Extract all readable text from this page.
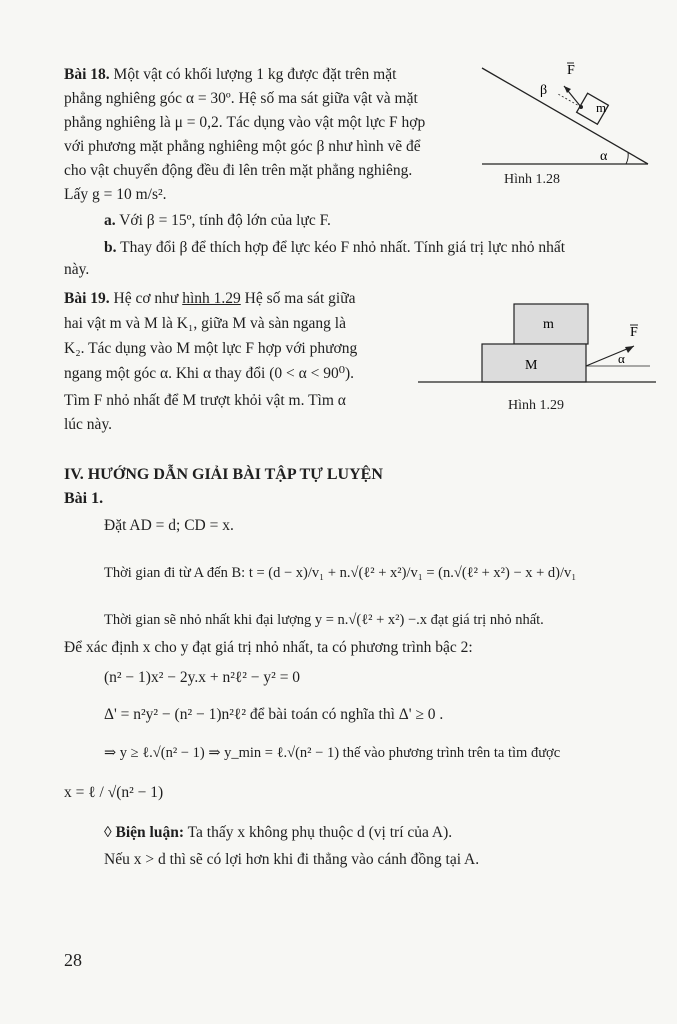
Bài 18. Một vật có khối lượng 1 kg được đặt trên mặt
phẳng nghiêng góc α = 30º. Hệ số ma sát giữa vật và mặt
phẳng nghiêng là μ = 0,2. Tác dụng vào vật một lực F hợp
với phương mặt phẳng nghiêng một góc β như hình vẽ để
cho vật chuyển động đều đi lên trên mặt phẳng nghiêng.
Lấy g = 10 m/s².
a. Với β = 15º, tính độ lớn của lực F.
b. Thay đổi β để thích hợp để lực kéo F nhỏ nhất. Tính giá trị lực nhỏ nhất
này.
F
β
m
α
Hình 1.28
Bài 19. Hệ cơ như hình 1.29 Hệ số ma sát giữa
hai vật m và M là K₁, giữa M và sàn ngang là
K₂. Tác dụng vào M một lực F hợp với phương
ngang một góc α. Khi α thay đổi (0 < α < 90⁰).
Tìm F nhỏ nhất để M trượt khỏi vật m. Tìm α
lúc này.
m
M
F
α
Hình 1.29
IV. HƯỚNG DẪN GIẢI BÀI TẬP TỰ LUYỆN
Bài 1.
Đặt AD = d; CD = x.
Thời gian đi từ A đến B: t = (d − x)/v₁ + n.√(ℓ² + x²)/v₁ = (n.√(ℓ² + x²) − x + d)/v₁
Thời gian sẽ nhỏ nhất khi đại lượng y = n.√(ℓ² + x²) −.x đạt giá trị nhỏ nhất.
Để xác định x cho y đạt giá trị nhỏ nhất, ta có phương trình bậc 2:
(n² − 1)x² − 2y.x + n²ℓ² − y² = 0
Δ' = n²y² − (n² − 1)n²ℓ² để bài toán có nghĩa thì Δ' ≥ 0 .
⇒ y ≥ ℓ.√(n² − 1) ⇒ y_min = ℓ.√(n² − 1) thế vào phương trình trên ta tìm được
x = ℓ / √(n² − 1)
◊ Biện luận: Ta thấy x không phụ thuộc d (vị trí của A).
Nếu x > d thì sẽ có lợi hơn khi đi thẳng vào cánh đồng tại A.
28
